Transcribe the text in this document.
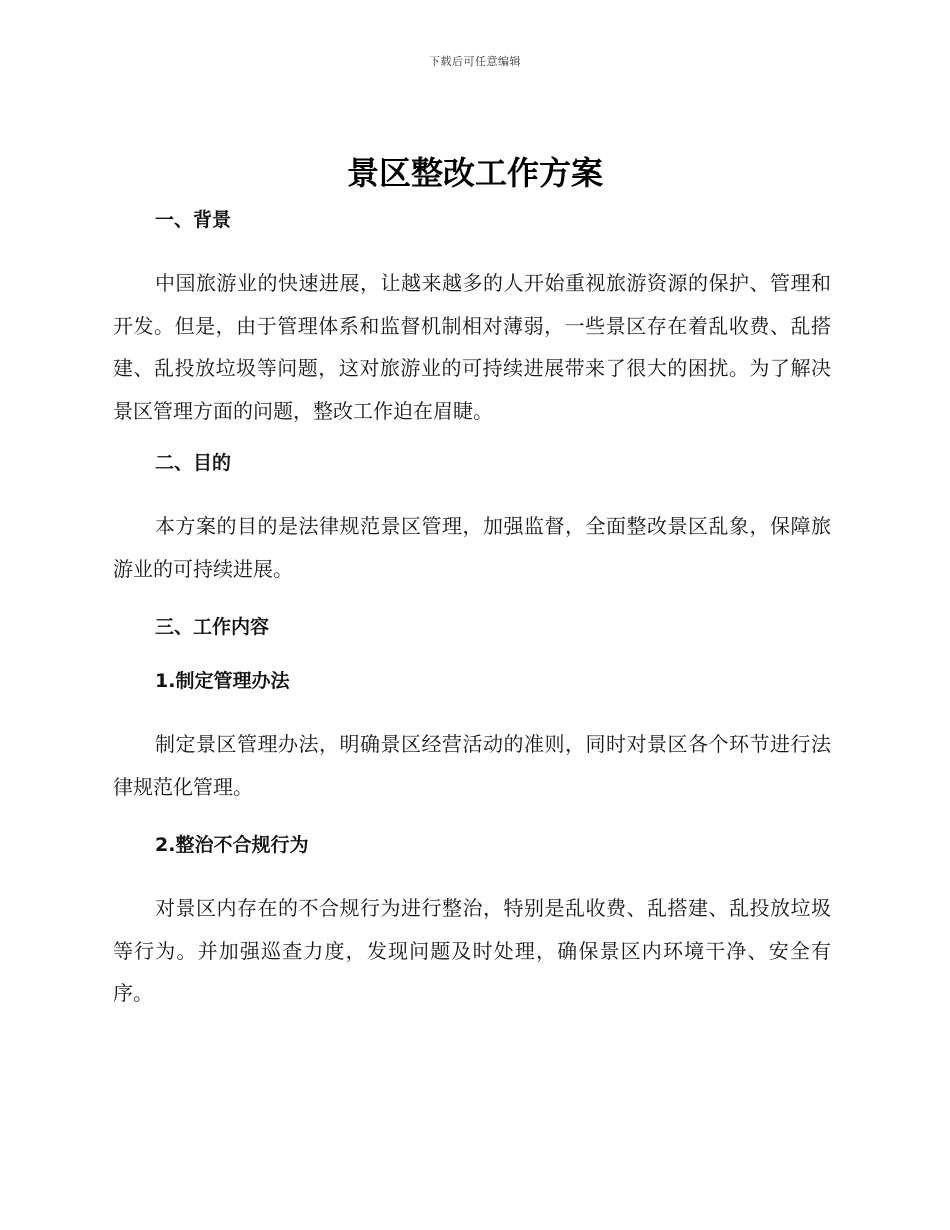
下载后可任意编辑
景区整改工作方案
一、背景

中国旅游业的快速进展，让越来越多的人开始重视旅游资源的保护、管理和开发。但是，由于管理体系和监督机制相对薄弱，一些景区存在着乱收费、乱搭建、乱投放垃圾等问题，这对旅游业的可持续进展带来了很大的困扰。为了解决景区管理方面的问题，整改工作迫在眉睫。

二、目的

本方案的目的是法律规范景区管理，加强监督，全面整改景区乱象，保障旅游业的可持续进展。

三、工作内容
1.制定管理办法

制定景区管理办法，明确景区经营活动的准则，同时对景区各个环节进行法律规范化管理。

2.整治不合规行为

对景区内存在的不合规行为进行整治，特别是乱收费、乱搭建、乱投放垃圾等行为。并加强巡查力度，发现问题及时处理，确保景区内环境干净、安全有序。
